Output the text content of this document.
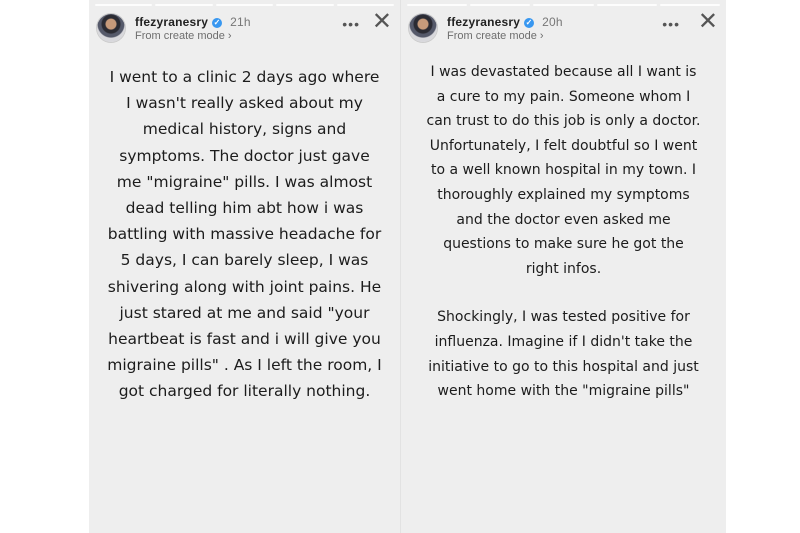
ffezyranesry ✓ 21h
From create mode ›
••• ✕
I went to a clinic 2 days ago where I wasn't really asked about my medical history, signs and symptoms. The doctor just gave me "migraine" pills. I was almost dead telling him abt how i was battling with massive headache for 5 days, I can barely sleep, I was shivering along with joint pains. He just stared at me and said "your heartbeat is fast and i will give you migraine pills" . As I left the room, I got charged for literally nothing.
ffezyranesry ✓ 20h
From create mode ›
••• ✕
I was devastated because all I want is a cure to my pain. Someone whom I can trust to do this job is only a doctor. Unfortunately, I felt doubtful so I went to a well known hospital in my town. I thoroughly explained my symptoms and the doctor even asked me questions to make sure he got the right infos.
Shockingly, I was tested positive for influenza. Imagine if I didn't take the initiative to go to this hospital and just went home with the "migraine pills"
